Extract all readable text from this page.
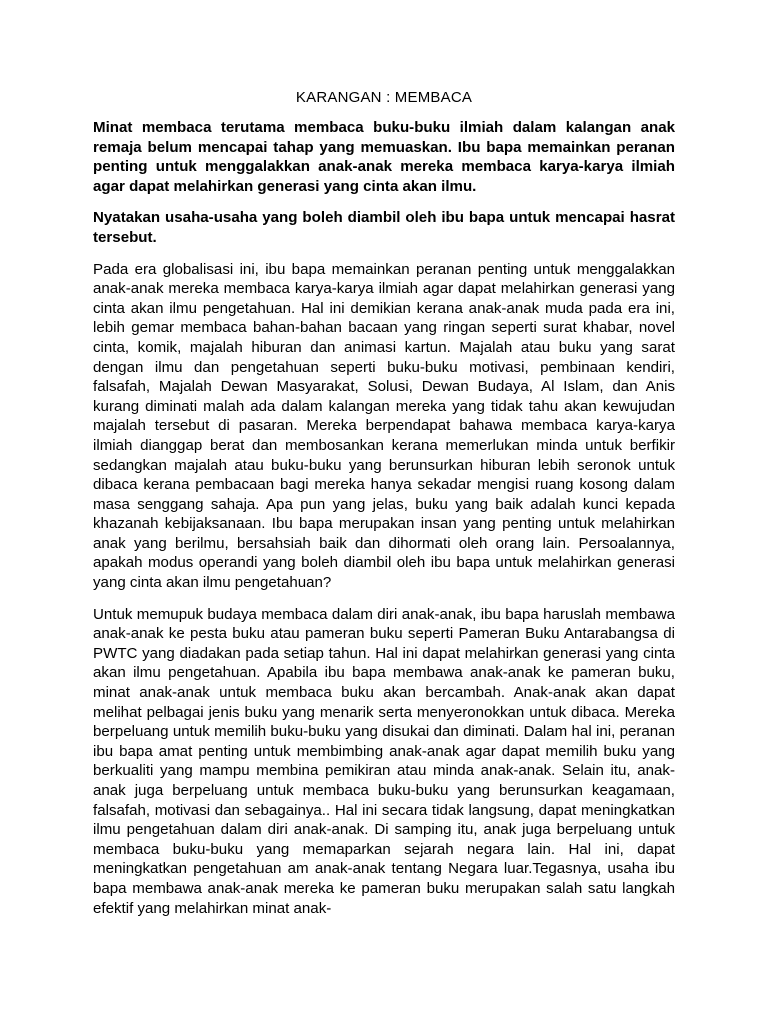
KARANGAN : MEMBACA

Minat membaca terutama membaca buku-buku ilmiah dalam kalangan anak remaja belum mencapai tahap yang memuaskan. Ibu bapa memainkan peranan penting untuk menggalakkan anak-anak mereka membaca karya-karya ilmiah agar dapat melahirkan generasi yang cinta akan ilmu.

Nyatakan usaha-usaha yang boleh diambil oleh ibu bapa untuk mencapai hasrat tersebut.

Pada era globalisasi ini, ibu bapa memainkan peranan penting untuk menggalakkan anak-anak mereka membaca karya-karya ilmiah agar dapat melahirkan generasi yang cinta akan ilmu pengetahuan. Hal ini demikian kerana anak-anak muda pada era ini, lebih gemar membaca bahan-bahan bacaan yang ringan seperti surat khabar, novel cinta, komik, majalah hiburan dan animasi kartun. Majalah atau buku yang sarat dengan ilmu dan pengetahuan seperti buku-buku motivasi, pembinaan kendiri, falsafah, Majalah Dewan Masyarakat, Solusi, Dewan Budaya, Al Islam, dan Anis kurang diminati malah ada dalam kalangan mereka yang tidak tahu akan kewujudan majalah tersebut di pasaran. Mereka berpendapat bahawa membaca karya-karya ilmiah dianggap berat dan membosankan kerana memerlukan minda untuk berfikir sedangkan majalah atau buku-buku yang berunsurkan hiburan lebih seronok untuk dibaca kerana pembacaan bagi mereka hanya sekadar mengisi ruang kosong dalam masa senggang sahaja. Apa pun yang jelas, buku yang baik adalah kunci kepada khazanah kebijaksanaan. Ibu bapa merupakan insan yang penting untuk melahirkan anak yang berilmu, bersahsiah baik dan dihormati oleh orang lain. Persoalannya, apakah modus operandi yang boleh diambil oleh ibu bapa untuk melahirkan generasi yang cinta akan ilmu pengetahuan?

Untuk memupuk budaya membaca dalam diri anak-anak, ibu bapa haruslah membawa anak-anak ke pesta buku atau pameran buku seperti Pameran Buku Antarabangsa di PWTC yang diadakan pada setiap tahun. Hal ini dapat melahirkan generasi yang cinta akan ilmu pengetahuan. Apabila ibu bapa membawa anak-anak ke pameran buku, minat anak-anak untuk membaca buku akan bercambah. Anak-anak akan dapat melihat pelbagai jenis buku yang menarik serta menyeronokkan untuk dibaca. Mereka berpeluang untuk memilih buku-buku yang disukai dan diminati. Dalam hal ini, peranan ibu bapa amat penting untuk membimbing anak-anak agar dapat memilih buku yang berkualiti yang mampu membina pemikiran atau minda anak-anak. Selain itu, anak-anak juga berpeluang untuk membaca buku-buku yang berunsurkan keagamaan, falsafah, motivasi dan sebagainya.. Hal ini secara tidak langsung, dapat meningkatkan ilmu pengetahuan dalam diri anak-anak. Di samping itu, anak juga berpeluang untuk membaca buku-buku yang memaparkan sejarah negara lain. Hal ini, dapat meningkatkan pengetahuan am anak-anak tentang Negara luar.Tegasnya, usaha ibu bapa membawa anak-anak mereka ke pameran buku merupakan salah satu langkah efektif yang melahirkan minat anak-
